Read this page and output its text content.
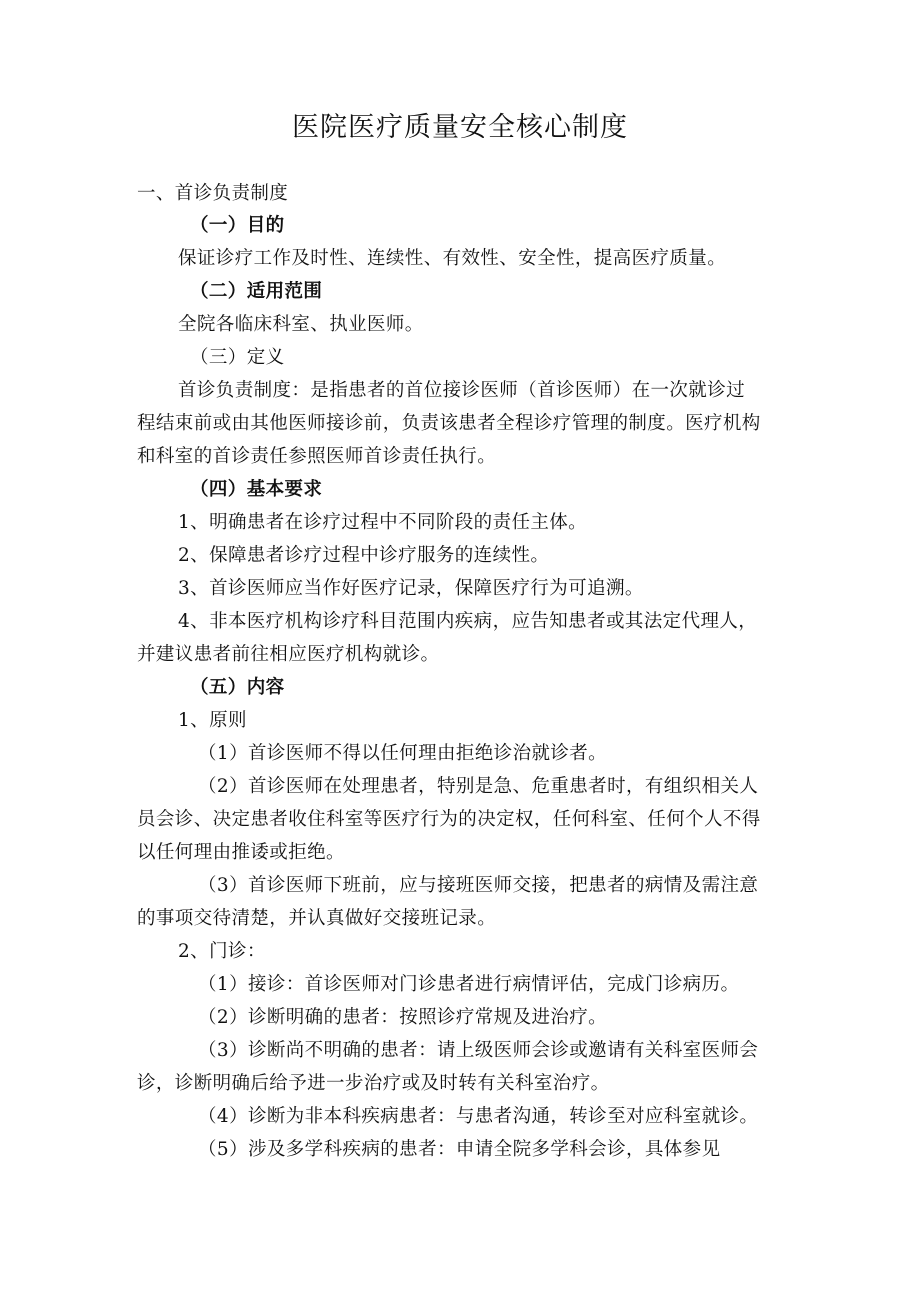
医院医疗质量安全核心制度
一、首诊负责制度
（一）目的
保证诊疗工作及时性、连续性、有效性、安全性，提高医疗质量。
（二）适用范围
全院各临床科室、执业医师。
（三）定义
首诊负责制度：是指患者的首位接诊医师（首诊医师）在一次就诊过
程结束前或由其他医师接诊前，负责该患者全程诊疗管理的制度。医疗机构
和科室的首诊责任参照医师首诊责任执行。
（四）基本要求
1、明确患者在诊疗过程中不同阶段的责任主体。
2、保障患者诊疗过程中诊疗服务的连续性。
3、首诊医师应当作好医疗记录，保障医疗行为可追溯。
4、非本医疗机构诊疗科目范围内疾病，应告知患者或其法定代理人，
并建议患者前往相应医疗机构就诊。
（五）内容
1、原则
（1）首诊医师不得以任何理由拒绝诊治就诊者。
（2）首诊医师在处理患者，特别是急、危重患者时，有组织相关人
员会诊、决定患者收住科室等医疗行为的决定权，任何科室、任何个人不得
以任何理由推诿或拒绝。
（3）首诊医师下班前，应与接班医师交接，把患者的病情及需注意
的事项交待清楚，并认真做好交接班记录。
2、门诊：
（1）接诊：首诊医师对门诊患者进行病情评估，完成门诊病历。
（2）诊断明确的患者：按照诊疗常规及进治疗。
（3）诊断尚不明确的患者：请上级医师会诊或邀请有关科室医师会
诊，诊断明确后给予进一步治疗或及时转有关科室治疗。
（4）诊断为非本科疾病患者：与患者沟通，转诊至对应科室就诊。
（5）涉及多学科疾病的患者：申请全院多学科会诊，具体参见
